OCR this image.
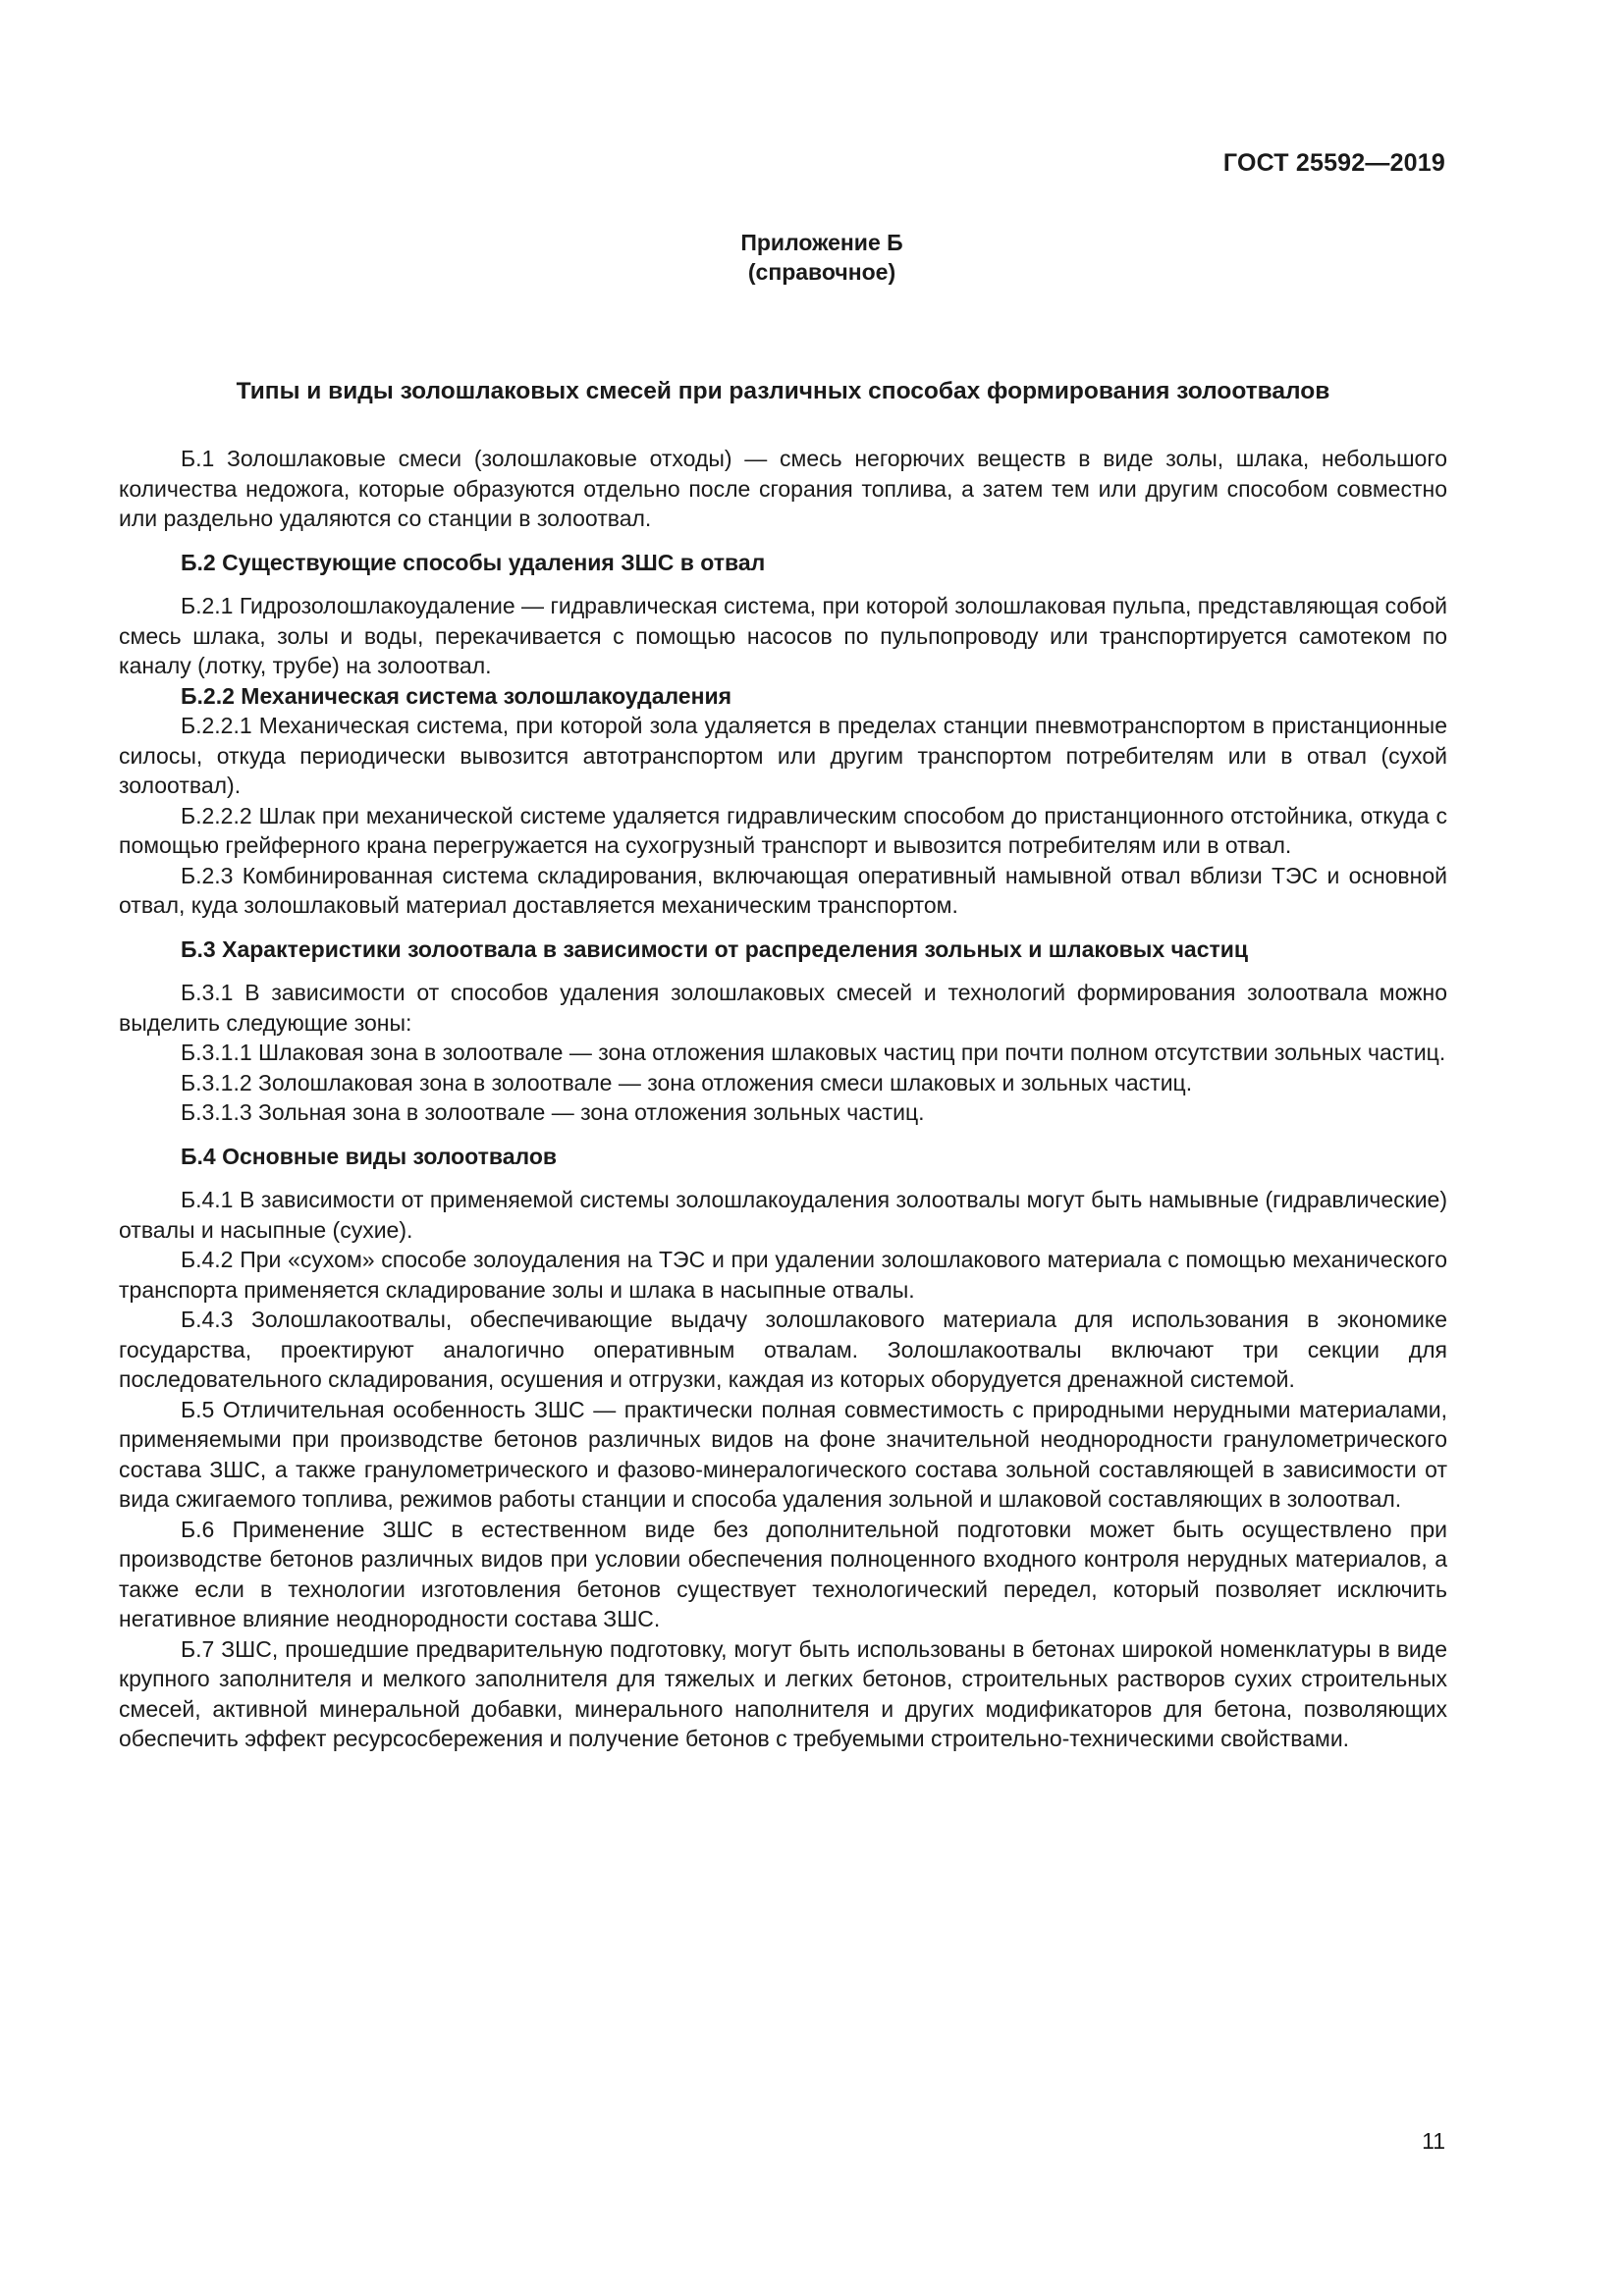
ГОСТ 25592—2019
Приложение Б
(справочное)
Типы и виды золошлаковых смесей при различных способах формирования золоотвалов

Б.1 Золошлаковые смеси (золошлаковые отходы) — смесь негорючих веществ в виде золы, шлака, небольшого количества недожога, которые образуются отдельно после сгорания топлива, а затем тем или другим способом совместно или раздельно удаляются со станции в золоотвал.

Б.2 Существующие способы удаления ЗШС в отвал

Б.2.1 Гидрозолошлакоудаление — гидравлическая система, при которой золошлаковая пульпа, представляющая собой смесь шлака, золы и воды, перекачивается с помощью насосов по пульпопроводу или транспортируется самотеком по каналу (лотку, трубе) на золоотвал.

Б.2.2 Механическая система золошлакоудаления

Б.2.2.1 Механическая система, при которой зола удаляется в пределах станции пневмотранспортом в пристанционные силосы, откуда периодически вывозится автотранспортом или другим транспортом потребителям или в отвал (сухой золоотвал).

Б.2.2.2 Шлак при механической системе удаляется гидравлическим способом до пристанционного отстойника, откуда с помощью грейферного крана перегружается на сухогрузный транспорт и вывозится потребителям или в отвал.

Б.2.3 Комбинированная система складирования, включающая оперативный намывной отвал вблизи ТЭС и основной отвал, куда золошлаковый материал доставляется механическим транспортом.

Б.3 Характеристики золоотвала в зависимости от распределения зольных и шлаковых частиц

Б.3.1 В зависимости от способов удаления золошлаковых смесей и технологий формирования золоотвала можно выделить следующие зоны:

Б.3.1.1 Шлаковая зона в золоотвале — зона отложения шлаковых частиц при почти полном отсутствии зольных частиц.

Б.3.1.2 Золошлаковая зона в золоотвале — зона отложения смеси шлаковых и зольных частиц.

Б.3.1.3 Зольная зона в золоотвале — зона отложения зольных частиц.

Б.4 Основные виды золоотвалов

Б.4.1 В зависимости от применяемой системы золошлакоудаления золоотвалы могут быть намывные (гидравлические) отвалы и насыпные (сухие).

Б.4.2 При «сухом» способе золоудаления на ТЭС и при удалении золошлакового материала с помощью механического транспорта применяется складирование золы и шлака в насыпные отвалы.

Б.4.3 Золошлакоотвалы, обеспечивающие выдачу золошлакового материала для использования в экономике государства, проектируют аналогично оперативным отвалам. Золошлакоотвалы включают три секции для последовательного складирования, осушения и отгрузки, каждая из которых оборудуется дренажной системой.

Б.5 Отличительная особенность ЗШС — практически полная совместимость с природными нерудными материалами, применяемыми при производстве бетонов различных видов на фоне значительной неоднородности гранулометрического состава ЗШС, а также гранулометрического и фазово-минералогического состава зольной составляющей в зависимости от вида сжигаемого топлива, режимов работы станции и способа удаления зольной и шлаковой составляющих в золоотвал.

Б.6 Применение ЗШС в естественном виде без дополнительной подготовки может быть осуществлено при производстве бетонов различных видов при условии обеспечения полноценного входного контроля нерудных материалов, а также если в технологии изготовления бетонов существует технологический передел, который позволяет исключить негативное влияние неоднородности состава ЗШС.

Б.7 ЗШС, прошедшие предварительную подготовку, могут быть использованы в бетонах широкой номенклатуры в виде крупного заполнителя и мелкого заполнителя для тяжелых и легких бетонов, строительных растворов сухих строительных смесей, активной минеральной добавки, минерального наполнителя и других модификаторов для бетона, позволяющих обеспечить эффект ресурсосбережения и получение бетонов с требуемыми строительно-техническими свойствами.

11
